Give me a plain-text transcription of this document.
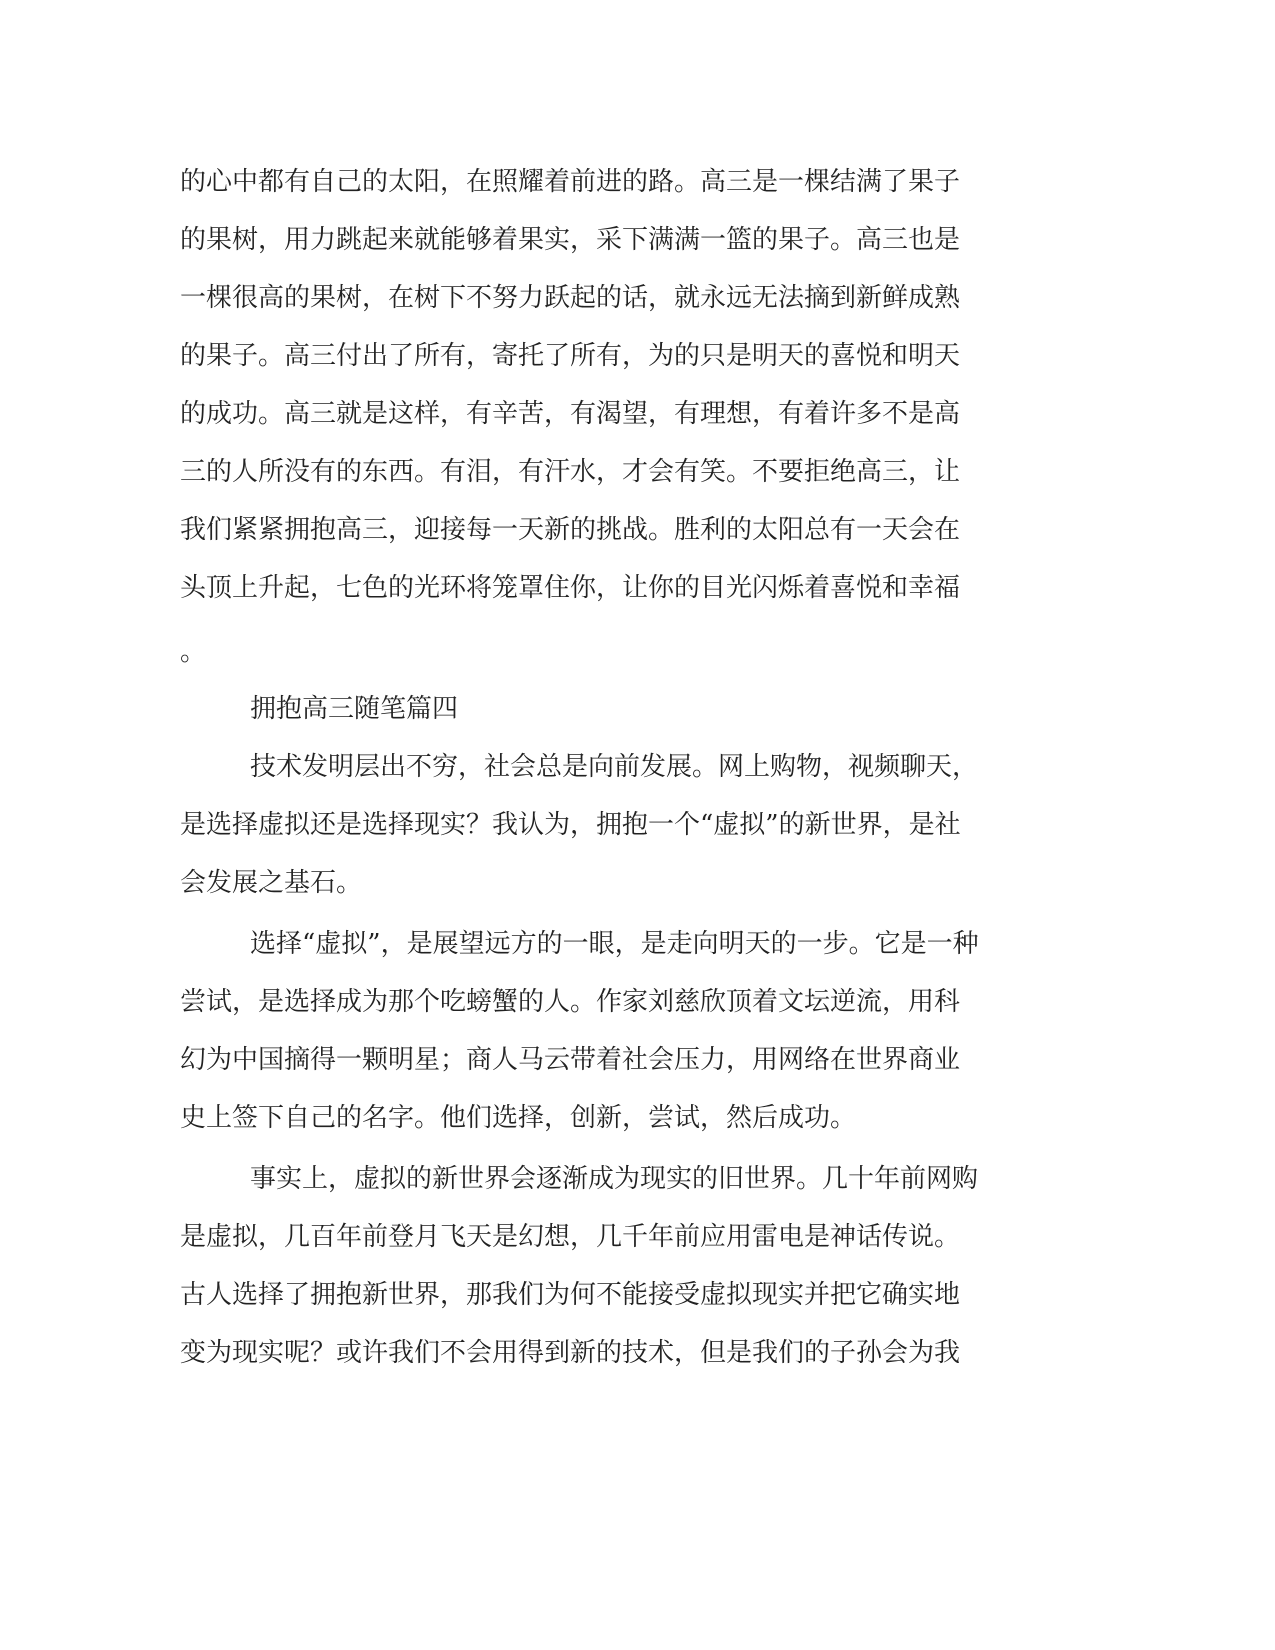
的心中都有自己的太阳，在照耀着前进的路。高三是一棵结满了果子
的果树，用力跳起来就能够着果实，采下满满一篮的果子。高三也是
一棵很高的果树，在树下不努力跃起的话，就永远无法摘到新鲜成熟
的果子。高三付出了所有，寄托了所有，为的只是明天的喜悦和明天
的成功。高三就是这样，有辛苦，有渴望，有理想，有着许多不是高
三的人所没有的东西。有泪，有汗水，才会有笑。不要拒绝高三，让
我们紧紧拥抱高三，迎接每一天新的挑战。胜利的太阳总有一天会在
头顶上升起，七色的光环将笼罩住你，让你的目光闪烁着喜悦和幸福
。
拥抱高三随笔篇四
技术发明层出不穷，社会总是向前发展。网上购物，视频聊天，
是选择虚拟还是选择现实？我认为，拥抱一个“虚拟”的新世界，是社
会发展之基石。
选择“虚拟”，是展望远方的一眼，是走向明天的一步。它是一种
尝试，是选择成为那个吃螃蟹的人。作家刘慈欣顶着文坛逆流，用科
幻为中国摘得一颗明星；商人马云带着社会压力，用网络在世界商业
史上签下自己的名字。他们选择，创新，尝试，然后成功。
事实上，虚拟的新世界会逐渐成为现实的旧世界。几十年前网购
是虚拟，几百年前登月飞天是幻想，几千年前应用雷电是神话传说。
古人选择了拥抱新世界，那我们为何不能接受虚拟现实并把它确实地
变为现实呢？或许我们不会用得到新的技术，但是我们的子孙会为我
